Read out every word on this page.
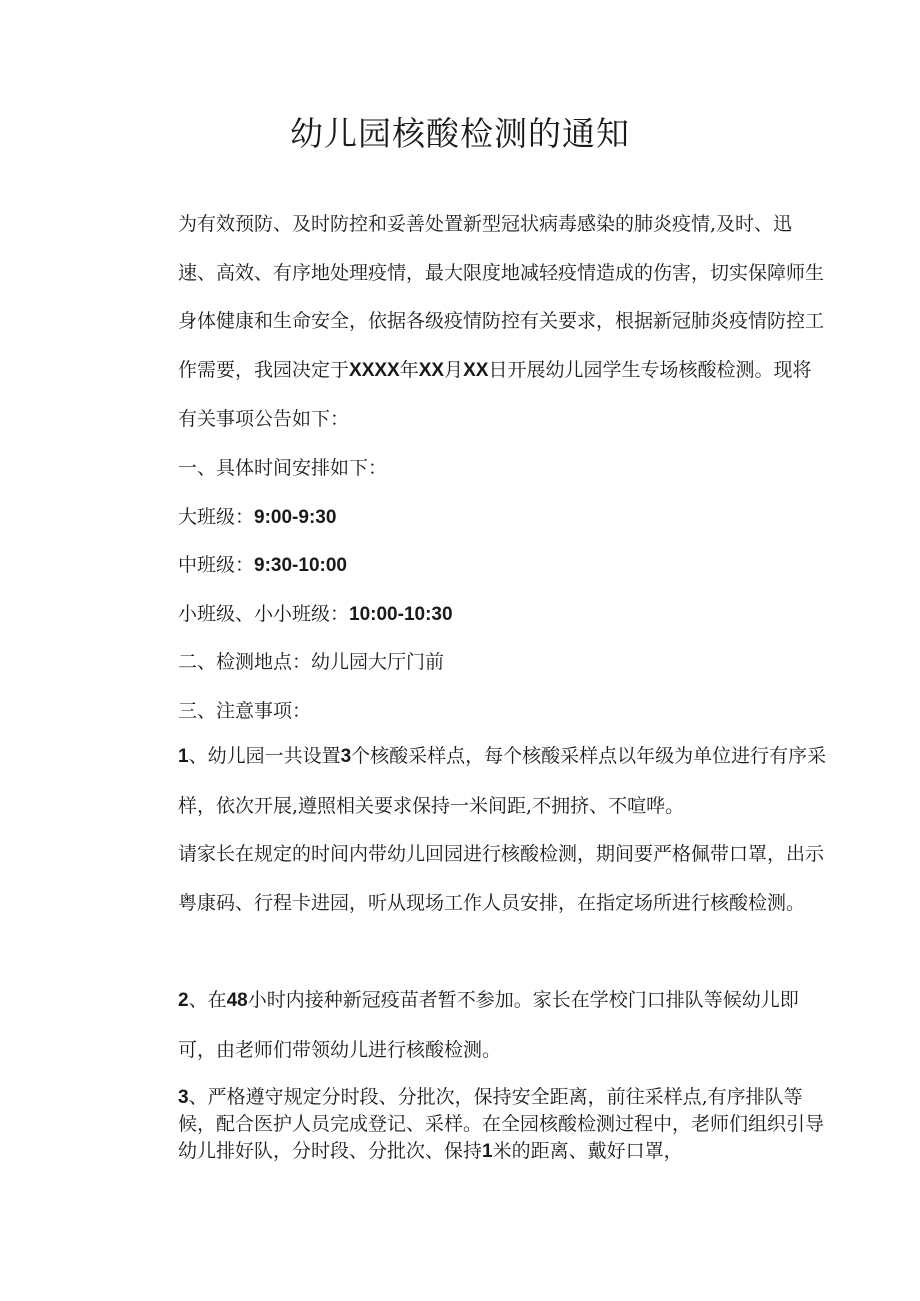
幼儿园核酸检测的通知

为有效预防、及时防控和妥善处置新型冠状病毒感染的肺炎疫情,及时、迅速、高效、有序地处理疫情，最大限度地减轻疫情造成的伤害，切实保障师生身体健康和生命安全，依据各级疫情防控有关要求，根据新冠肺炎疫情防控工作需要，我园决定于XXXX年XX月XX日开展幼儿园学生专场核酸检测。现将有关事项公告如下：

一、具体时间安排如下：

大班级：9:00-9:30

中班级：9:30-10:00

小班级、小小班级：10:00-10:30

二、检测地点：幼儿园大厅门前

三、注意事项：

1、幼儿园一共设置3个核酸采样点，每个核酸采样点以年级为单位进行有序采样，依次开展,遵照相关要求保持一米间距,不拥挤、不喧哗。

请家长在规定的时间内带幼儿回园进行核酸检测，期间要严格佩带口罩，出示粤康码、行程卡进园，听从现场工作人员安排，在指定场所进行核酸检测。

2、在48小时内接种新冠疫苗者暂不参加。家长在学校门口排队等候幼儿即可，由老师们带领幼儿进行核酸检测。

3、严格遵守规定分时段、分批次，保持安全距离，前往采样点,有序排队等候，配合医护人员完成登记、采样。在全园核酸检测过程中，老师们组织引导幼儿排好队，分时段、分批次、保持1米的距离、戴好口罩，
